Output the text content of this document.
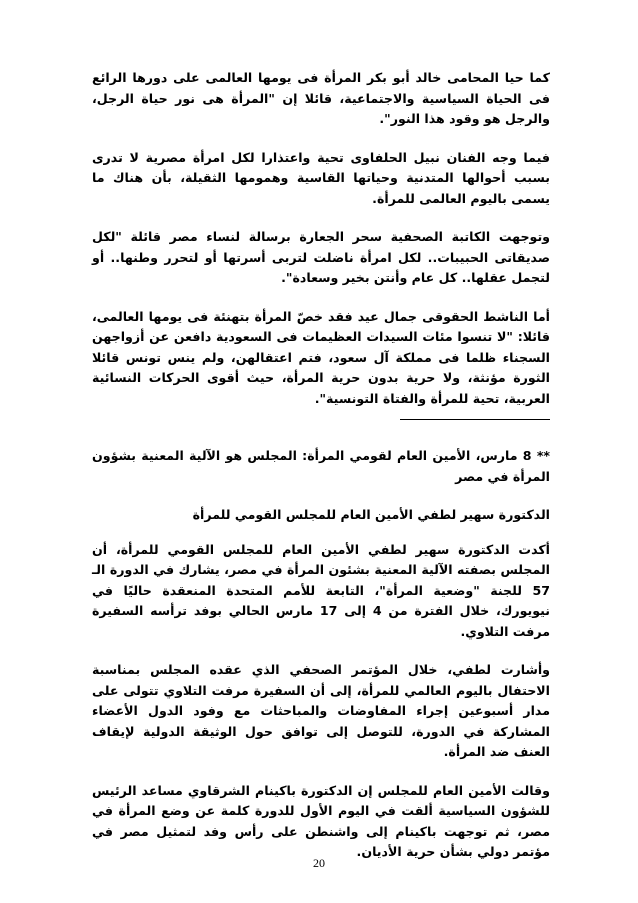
كما حيا المحامى خالد أبو بكر المرأة فى يومها العالمى على دورها الرائع فى الحياة السياسية والاجتماعية، قائلا إن "المرأة هى نور حياة الرجل، والرجل هو وقود هذا النور".

فيما وجه الفنان نبيل الحلفاوى تحية واعتذارا لكل امرأة مصرية لا تدرى بسبب أحوالها المتدنية وحياتها القاسية وهمومها الثقيلة، بأن هناك ما يسمى باليوم العالمى للمرأة.

وتوجهت الكاتبة الصحفية سحر الجعارة برسالة لنساء مصر قائلة "لكل صديقاتى الحبيبات.. لكل امرأة ناضلت لتربى أسرتها أو لتحرر وطنها.. أو لتجمل عقلها.. كل عام وأنتن بخير وسعادة".

أما الناشط الحقوقى جمال عيد فقد خصّ المرأة بتهنئة فى يومها العالمى، قائلا: "لا تنسوا مئات السيدات العظيمات فى السعودية دافعن عن أزواجهن السجناء ظلما فى مملكة آل سعود، فتم اعتقالهن، ولم ينس تونس قائلا الثورة مؤنثة، ولا حرية بدون حرية المرأة، حيث أقوى الحركات النسائية العربية، تحية للمرأة والفتاة التونسية".

** 8 مارس، الأمين العام لقومي المرأة: المجلس هو الآلية المعنية بشؤون المرأة في مصر

الدكتورة سهير لطفي الأمين العام للمجلس القومي للمرأة

أكدت الدكتورة سهير لطفي الأمين العام للمجلس القومي للمرأة، أن المجلس بصفته الآلية المعنية بشئون المرأة في مصر، يشارك في الدورة الـ 57 للجنة "وضعية المرأة"، التابعة للأمم المتحدة المنعقدة حاليًا في نيويورك، خلال الفترة من 4 إلى 17 مارس الحالي بوفد ترأسه السفيرة مرفت التلاوي.

وأشارت لطفي، خلال المؤتمر الصحفي الذي عقده المجلس بمناسبة الاحتفال باليوم العالمي للمرأة، إلى أن السفيرة مرفت التلاوي تتولى على مدار أسبوعين إجراء المفاوضات والمباحثات مع وفود الدول الأعضاء المشاركة في الدورة، للتوصل إلى توافق حول الوثيقة الدولية لإيقاف العنف ضد المرأة.

وقالت الأمين العام للمجلس إن الدكتورة باكينام الشرقاوي مساعد الرئيس للشؤون السياسية ألقت في اليوم الأول للدورة كلمة عن وضع المرأة في مصر، ثم توجهت باكينام إلى واشنطن على رأس وفد لتمثيل مصر في مؤتمر دولي بشأن حرية الأديان.

20
